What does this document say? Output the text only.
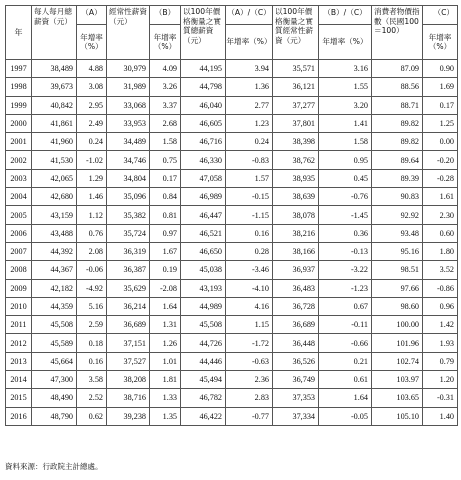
年	每人每月總薪資（元）	（A）	經常性薪資（元）	（B）	以100年價格衡量之實質總薪資（元）	（A）/（C）	以100年價格衡量之實質經常性薪資（元）	（B）/（C）	消費者物價指數（民國100＝100）	（C）
		年增率（%）		年增率（%）		年增率（%）		年增率（%）		年增率（%）
1997	38,489	4.88	30,979	4.09	44,195	3.94	35,571	3.16	87.09	0.90
1998	39,673	3.08	31,989	3.26	44,798	1.36	36,121	1.55	88.56	1.69
1999	40,842	2.95	33,068	3.37	46,040	2.77	37,277	3.20	88.71	0.17
2000	41,861	2.49	33,953	2.68	46,605	1.23	37,801	1.41	89.82	1.25
2001	41,960	0.24	34,489	1.58	46,716	0.24	38,398	1.58	89.82	0.00
2002	41,530	-1.02	34,746	0.75	46,330	-0.83	38,762	0.95	89.64	-0.20
2003	42,065	1.29	34,804	0.17	47,058	1.57	38,935	0.45	89.39	-0.28
2004	42,680	1.46	35,096	0.84	46,989	-0.15	38,639	-0.76	90.83	1.61
2005	43,159	1.12	35,382	0.81	46,447	-1.15	38,078	-1.45	92.92	2.30
2006	43,488	0.76	35,724	0.97	46,521	0.16	38,216	0.36	93.48	0.60
2007	44,392	2.08	36,319	1.67	46,650	0.28	38,166	-0.13	95.16	1.80
2008	44,367	-0.06	36,387	0.19	45,038	-3.46	36,937	-3.22	98.51	3.52
2009	42,182	-4.92	35,629	-2.08	43,193	-4.10	36,483	-1.23	97.66	-0.86
2010	44,359	5.16	36,214	1.64	44,989	4.16	36,728	0.67	98.60	0.96
2011	45,508	2.59	36,689	1.31	45,508	1.15	36,689	-0.11	100.00	1.42
2012	45,589	0.18	37,151	1.26	44,726	-1.72	36,448	-0.66	101.96	1.93
2013	45,664	0.16	37,527	1.01	44,446	-0.63	36,526	0.21	102.74	0.79
2014	47,300	3.58	38,208	1.81	45,494	2.36	36,749	0.61	103.97	1.20
2015	48,490	2.52	38,716	1.33	46,782	2.83	37,353	1.64	103.65	-0.31
2016	48,790	0.62	39,238	1.35	46,422	-0.77	37,334	-0.05	105.10	1.40
資料來源：行政院主計總處。
